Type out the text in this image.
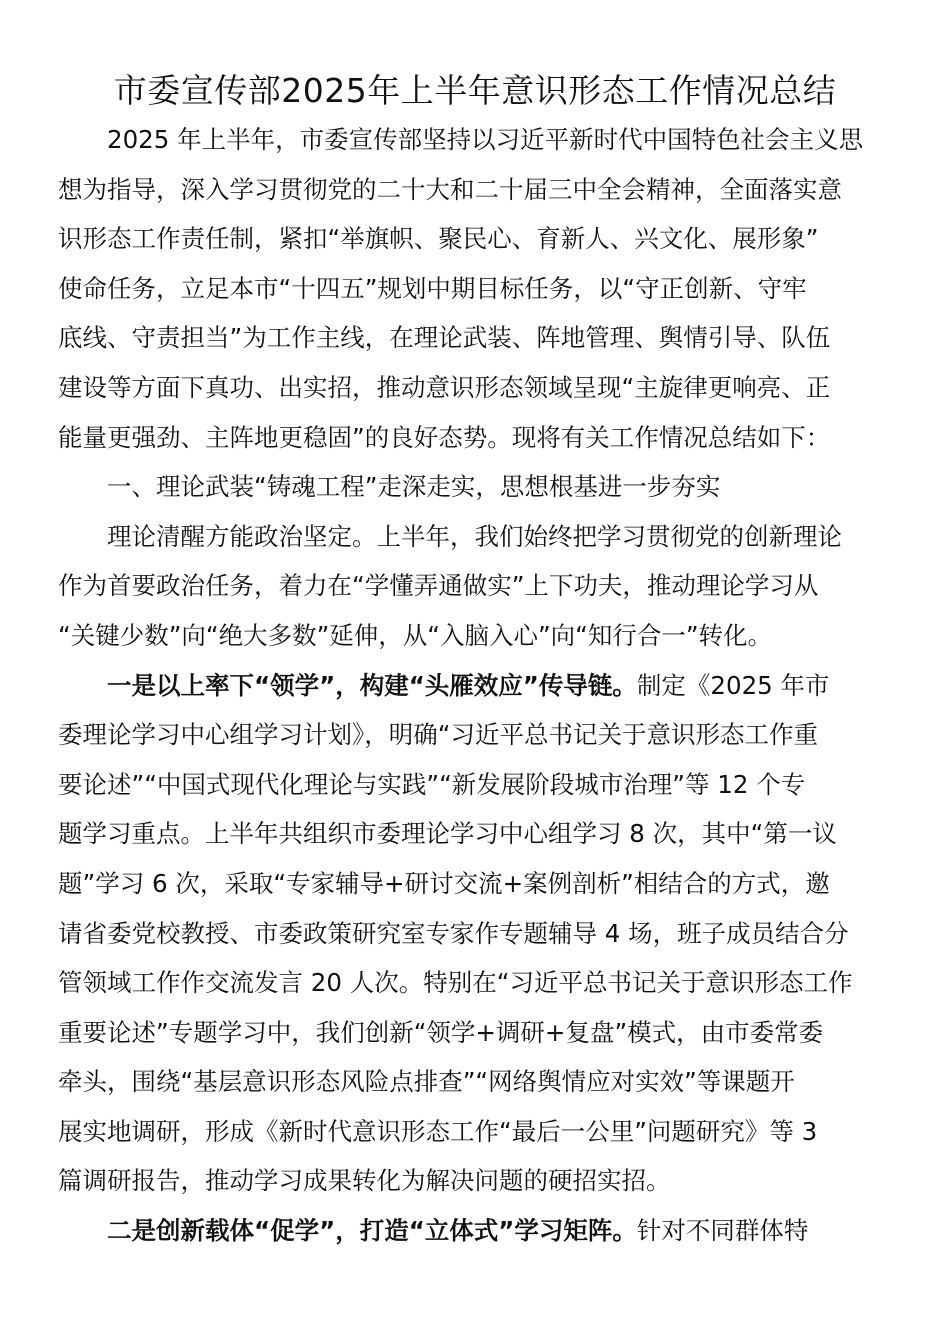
市委宣传部2025年上半年意识形态工作情况总结
2025 年上半年，市委宣传部坚持以习近平新时代中国特色社会主义思
想为指导，深入学习贯彻党的二十大和二十届三中全会精神，全面落实意
识形态工作责任制，紧扣“举旗帜、聚民心、育新人、兴文化、展形象”
使命任务，立足本市“十四五”规划中期目标任务，以“守正创新、守牢
底线、守责担当”为工作主线，在理论武装、阵地管理、舆情引导、队伍
建设等方面下真功、出实招，推动意识形态领域呈现“主旋律更响亮、正
能量更强劲、主阵地更稳固”的良好态势。现将有关工作情况总结如下：
一、理论武装“铸魂工程”走深走实，思想根基进一步夯实
理论清醒方能政治坚定。上半年，我们始终把学习贯彻党的创新理论
作为首要政治任务，着力在“学懂弄通做实”上下功夫，推动理论学习从
“关键少数”向“绝大多数”延伸，从“入脑入心”向“知行合一”转化。
一是以上率下“领学”，构建“头雁效应”传导链。制定《2025 年市
委理论学习中心组学习计划》，明确“习近平总书记关于意识形态工作重
要论述”“中国式现代化理论与实践”“新发展阶段城市治理”等 12 个专
题学习重点。上半年共组织市委理论学习中心组学习 8 次，其中“第一议
题”学习 6 次，采取“专家辅导+研讨交流+案例剖析”相结合的方式，邀
请省委党校教授、市委政策研究室专家作专题辅导 4 场，班子成员结合分
管领域工作作交流发言 20 人次。特别在“习近平总书记关于意识形态工作
重要论述”专题学习中，我们创新“领学+调研+复盘”模式，由市委常委
牵头，围绕“基层意识形态风险点排查”“网络舆情应对实效”等课题开
展实地调研，形成《新时代意识形态工作“最后一公里”问题研究》等 3
篇调研报告，推动学习成果转化为解决问题的硬招实招。
二是创新载体“促学”，打造“立体式”学习矩阵。针对不同群体特
